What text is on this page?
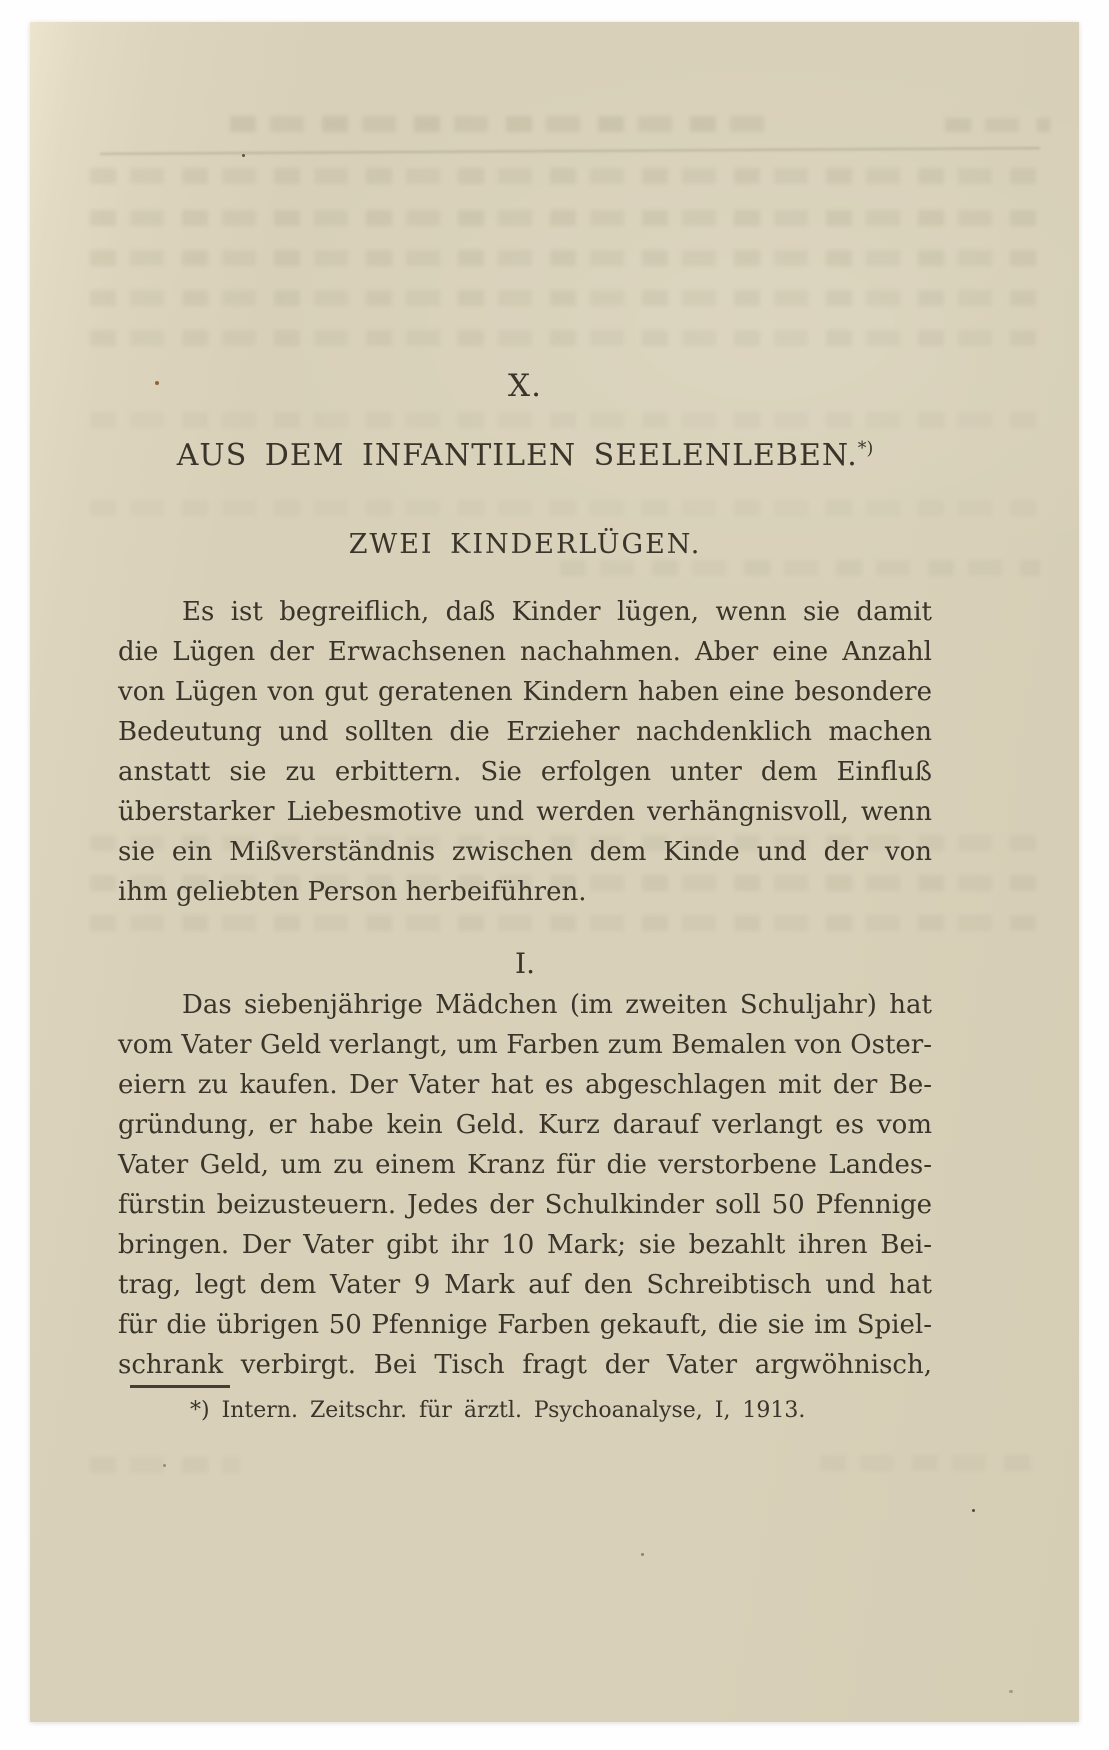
X.
AUS DEM INFANTILEN SEELENLEBEN.*)
ZWEI KINDERLÜGEN.
Es ist begreiflich, daß Kinder lügen, wenn sie damit
die Lügen der Erwachsenen nachahmen. Aber eine Anzahl
von Lügen von gut geratenen Kindern haben eine besondere
Bedeutung und sollten die Erzieher nachdenklich machen
anstatt sie zu erbittern. Sie erfolgen unter dem Einfluß
überstarker Liebesmotive und werden verhängnisvoll, wenn
sie ein Mißverständnis zwischen dem Kinde und der von
ihm geliebten Person herbeiführen.
I.
Das siebenjährige Mädchen (im zweiten Schuljahr) hat
vom Vater Geld verlangt, um Farben zum Bemalen von Oster-
eiern zu kaufen. Der Vater hat es abgeschlagen mit der Be-
gründung, er habe kein Geld. Kurz darauf verlangt es vom
Vater Geld, um zu einem Kranz für die verstorbene Landes-
fürstin beizusteuern. Jedes der Schulkinder soll 50 Pfennige
bringen. Der Vater gibt ihr 10 Mark; sie bezahlt ihren Bei-
trag, legt dem Vater 9 Mark auf den Schreibtisch und hat
für die übrigen 50 Pfennige Farben gekauft, die sie im Spiel-
schrank verbirgt. Bei Tisch fragt der Vater argwöhnisch,
*) Intern. Zeitschr. für ärztl. Psychoanalyse, I, 1913.
